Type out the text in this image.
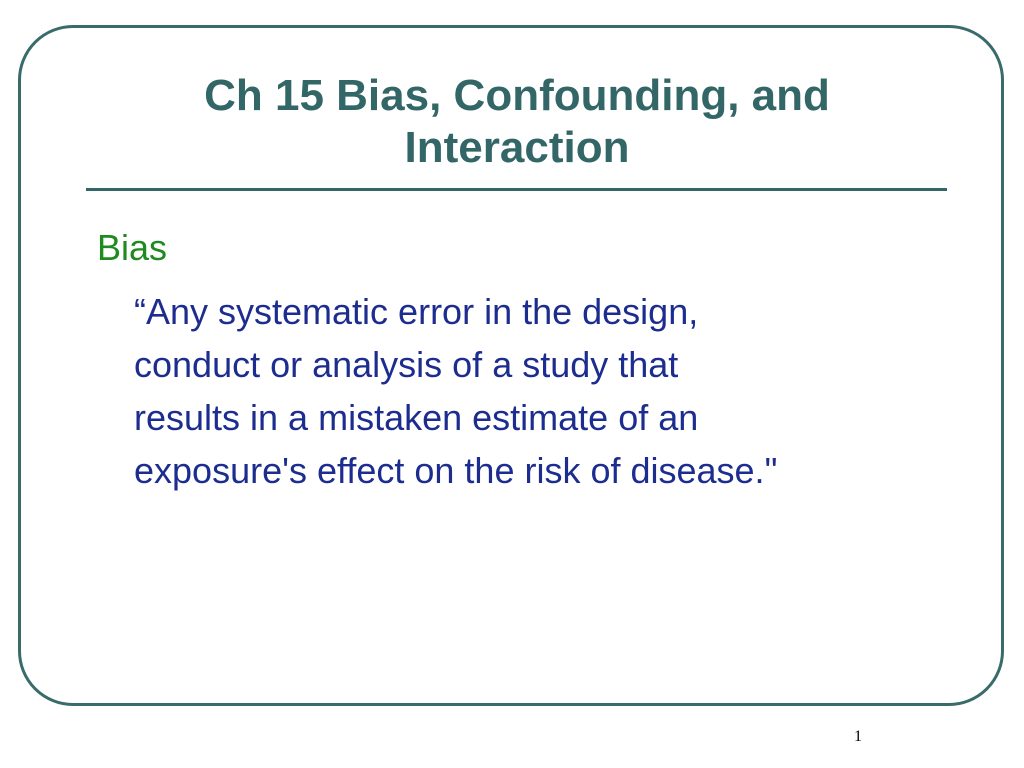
Ch 15 Bias, Confounding, and Interaction
Bias
“Any systematic error in the design,
conduct or analysis of a study that
results in a mistaken estimate of an
exposure's effect on the risk of disease."
1
